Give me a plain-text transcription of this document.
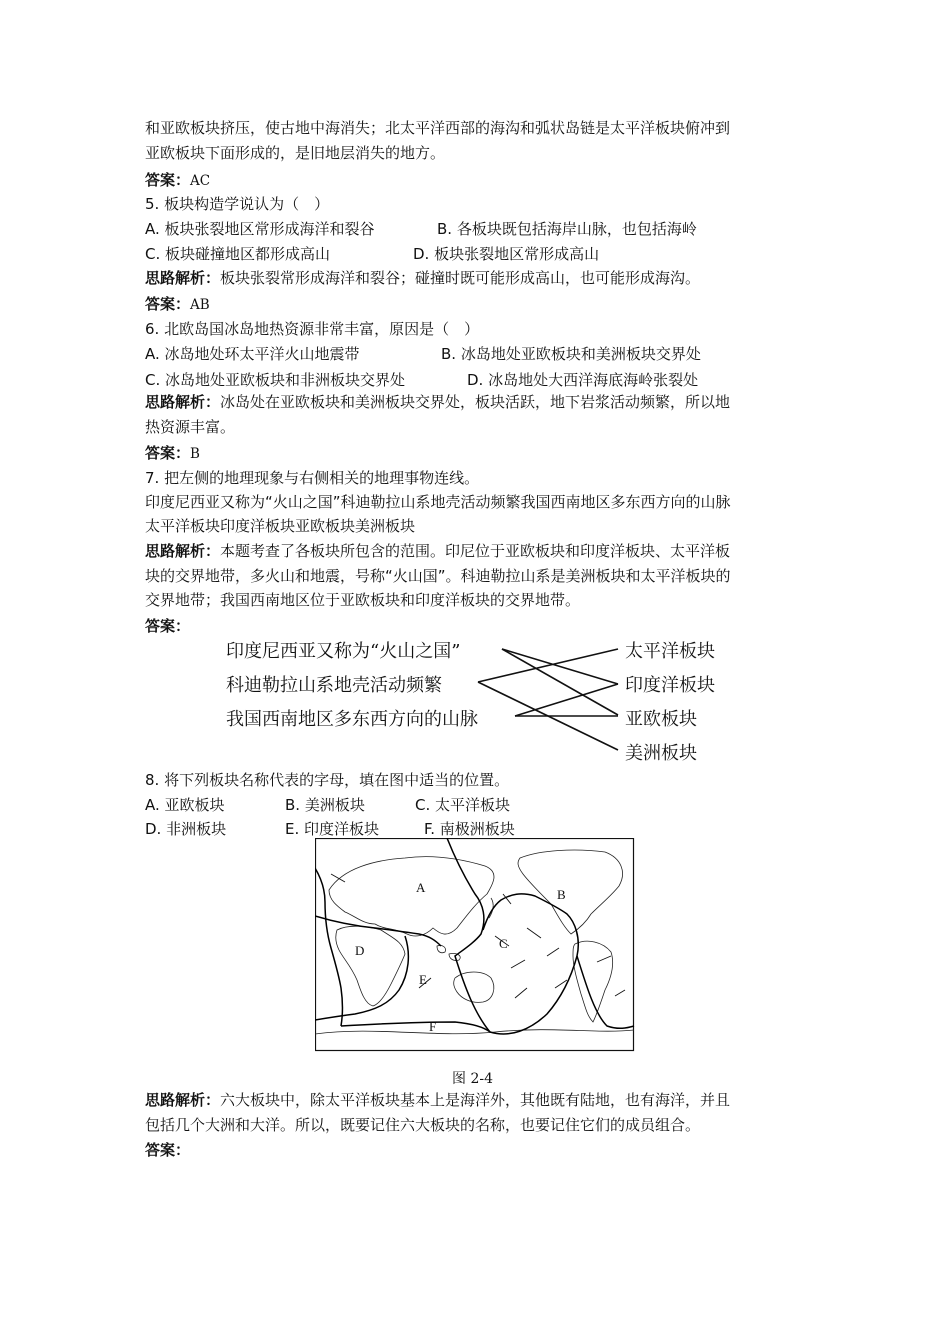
和亚欧板块挤压，使古地中海消失；北太平洋西部的海沟和弧状岛链是太平洋板块俯冲到
亚欧板块下面形成的，是旧地层消失的地方。
答案：AC
5. 板块构造学说认为（　）
A. 板块张裂地区常形成海洋和裂谷	B. 各板块既包括海岸山脉，也包括海岭
C. 板块碰撞地区都形成高山	D. 板块张裂地区常形成高山
思路解析：板块张裂常形成海洋和裂谷；碰撞时既可能形成高山，也可能形成海沟。
答案：AB
6. 北欧岛国冰岛地热资源非常丰富，原因是（　）
A. 冰岛地处环太平洋火山地震带	B. 冰岛地处亚欧板块和美洲板块交界处
C. 冰岛地处亚欧板块和非洲板块交界处	D. 冰岛地处大西洋海底海岭张裂处
思路解析：冰岛处在亚欧板块和美洲板块交界处，板块活跃，地下岩浆活动频繁，所以地
热资源丰富。
答案：B
7. 把左侧的地理现象与右侧相关的地理事物连线。
印度尼西亚又称为“火山之国”科迪勒拉山系地壳活动频繁我国西南地区多东西方向的山脉
太平洋板块印度洋板块亚欧板块美洲板块
思路解析：本题考查了各板块所包含的范围。印尼位于亚欧板块和印度洋板块、太平洋板
块的交界地带，多火山和地震，号称“火山国”。科迪勒拉山系是美洲板块和太平洋板块的
交界地带；我国西南地区位于亚欧板块和印度洋板块的交界地带。
答案：
印度尼西亚又称为“火山之国”
科迪勒拉山系地壳活动频繁
我国西南地区多东西方向的山脉
太平洋板块
印度洋板块
亚欧板块
美洲板块
8. 将下列板块名称代表的字母，填在图中适当的位置。
A. 亚欧板块	B. 美洲板块	C. 太平洋板块
D. 非洲板块	E. 印度洋板块	F. 南极洲板块
A	B
C
D
E
F
图 2-4
思路解析：六大板块中，除太平洋板块基本上是海洋外，其他既有陆地，也有海洋，并且
包括几个大洲和大洋。所以，既要记住六大板块的名称，也要记住它们的成员组合。
答案：
